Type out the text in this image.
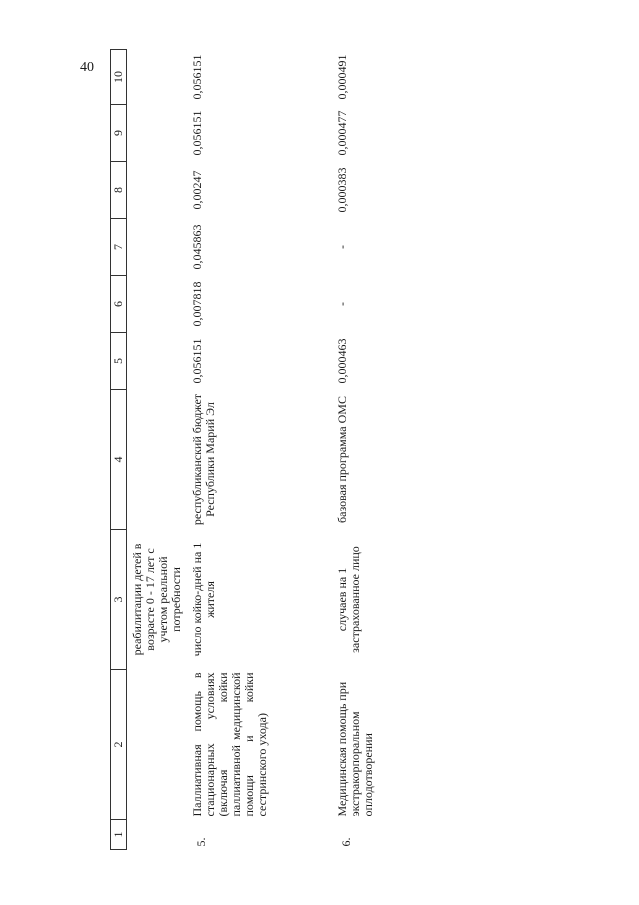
40
1	2	3	4	5	6	7	8	9	10
		реабилитации детей в возрасте 0 - 17 лет с учетом реальной потребности							
5.	Паллиативная помощь в стационарных условиях (включая койки паллиативной медицинской помощи и койки сестринского ухода)	число койко-дней на 1 жителя	республиканский бюджет Республики Марий Эл	0,056151	0,007818	0,045863	0,00247	0,056151	0,056151
6.	Медицинская помощь при экстракорпоральном оплодотворении	случаев на 1 застрахованное лицо	базовая программа ОМС	0,000463	-	-	0,000383	0,000477	0,000491
